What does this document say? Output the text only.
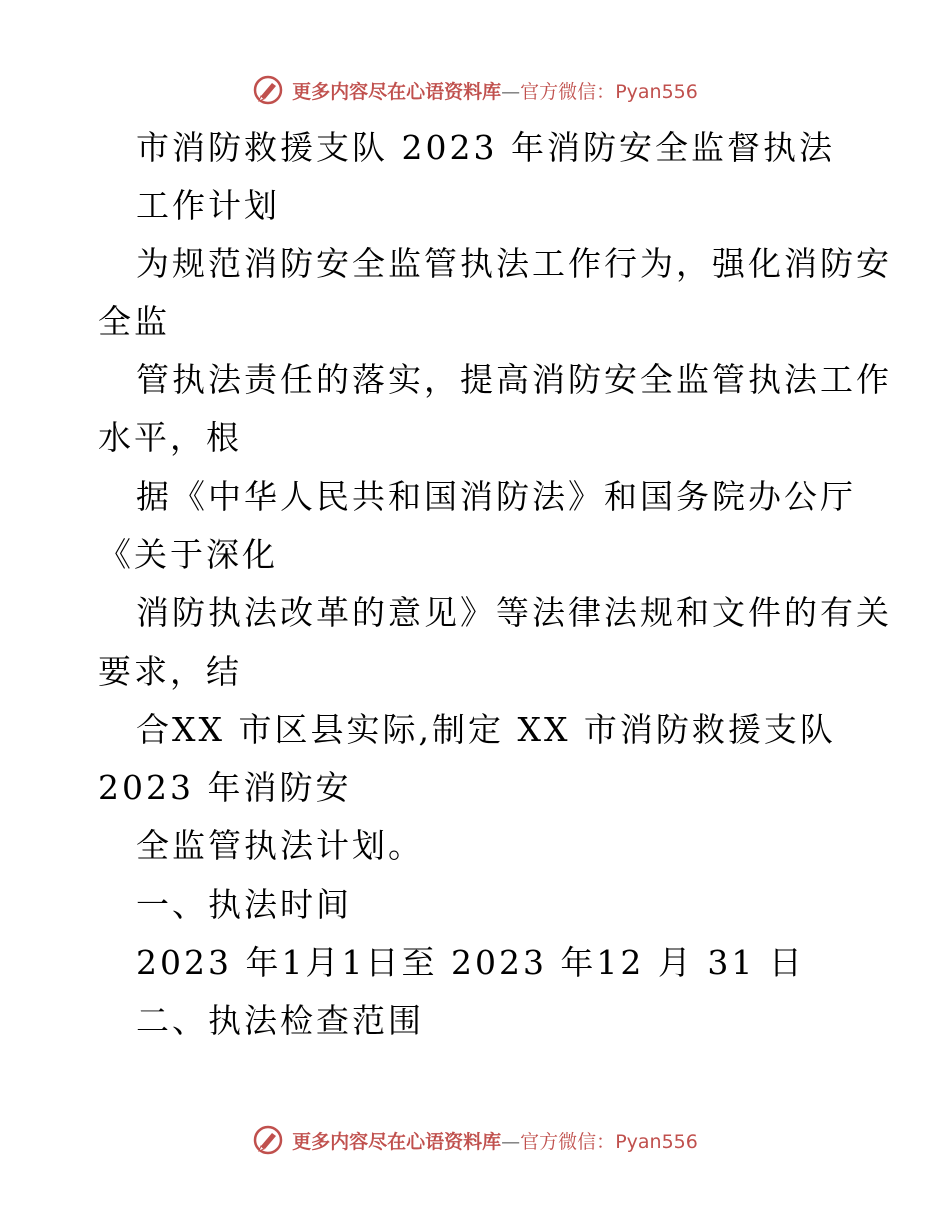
更多内容尽在心语资料库—官方微信：Pyan556
市消防救援支队 2023 年消防安全监督执法
工作计划
为规范消防安全监管执法工作行为，强化消防安
全监
管执法责任的落实，提高消防安全监管执法工作
水平，根
据《中华人民共和国消防法》和国务院办公厅
《关于深化
消防执法改革的意见》等法律法规和文件的有关
要求，结
合XX 市区县实际,制定 XX 市消防救援支队
2023 年消防安
全监管执法计划。
一、执法时间
2023 年1月1日至 2023 年12 月 31 日
二、执法检查范围
更多内容尽在心语资料库—官方微信：Pyan556
